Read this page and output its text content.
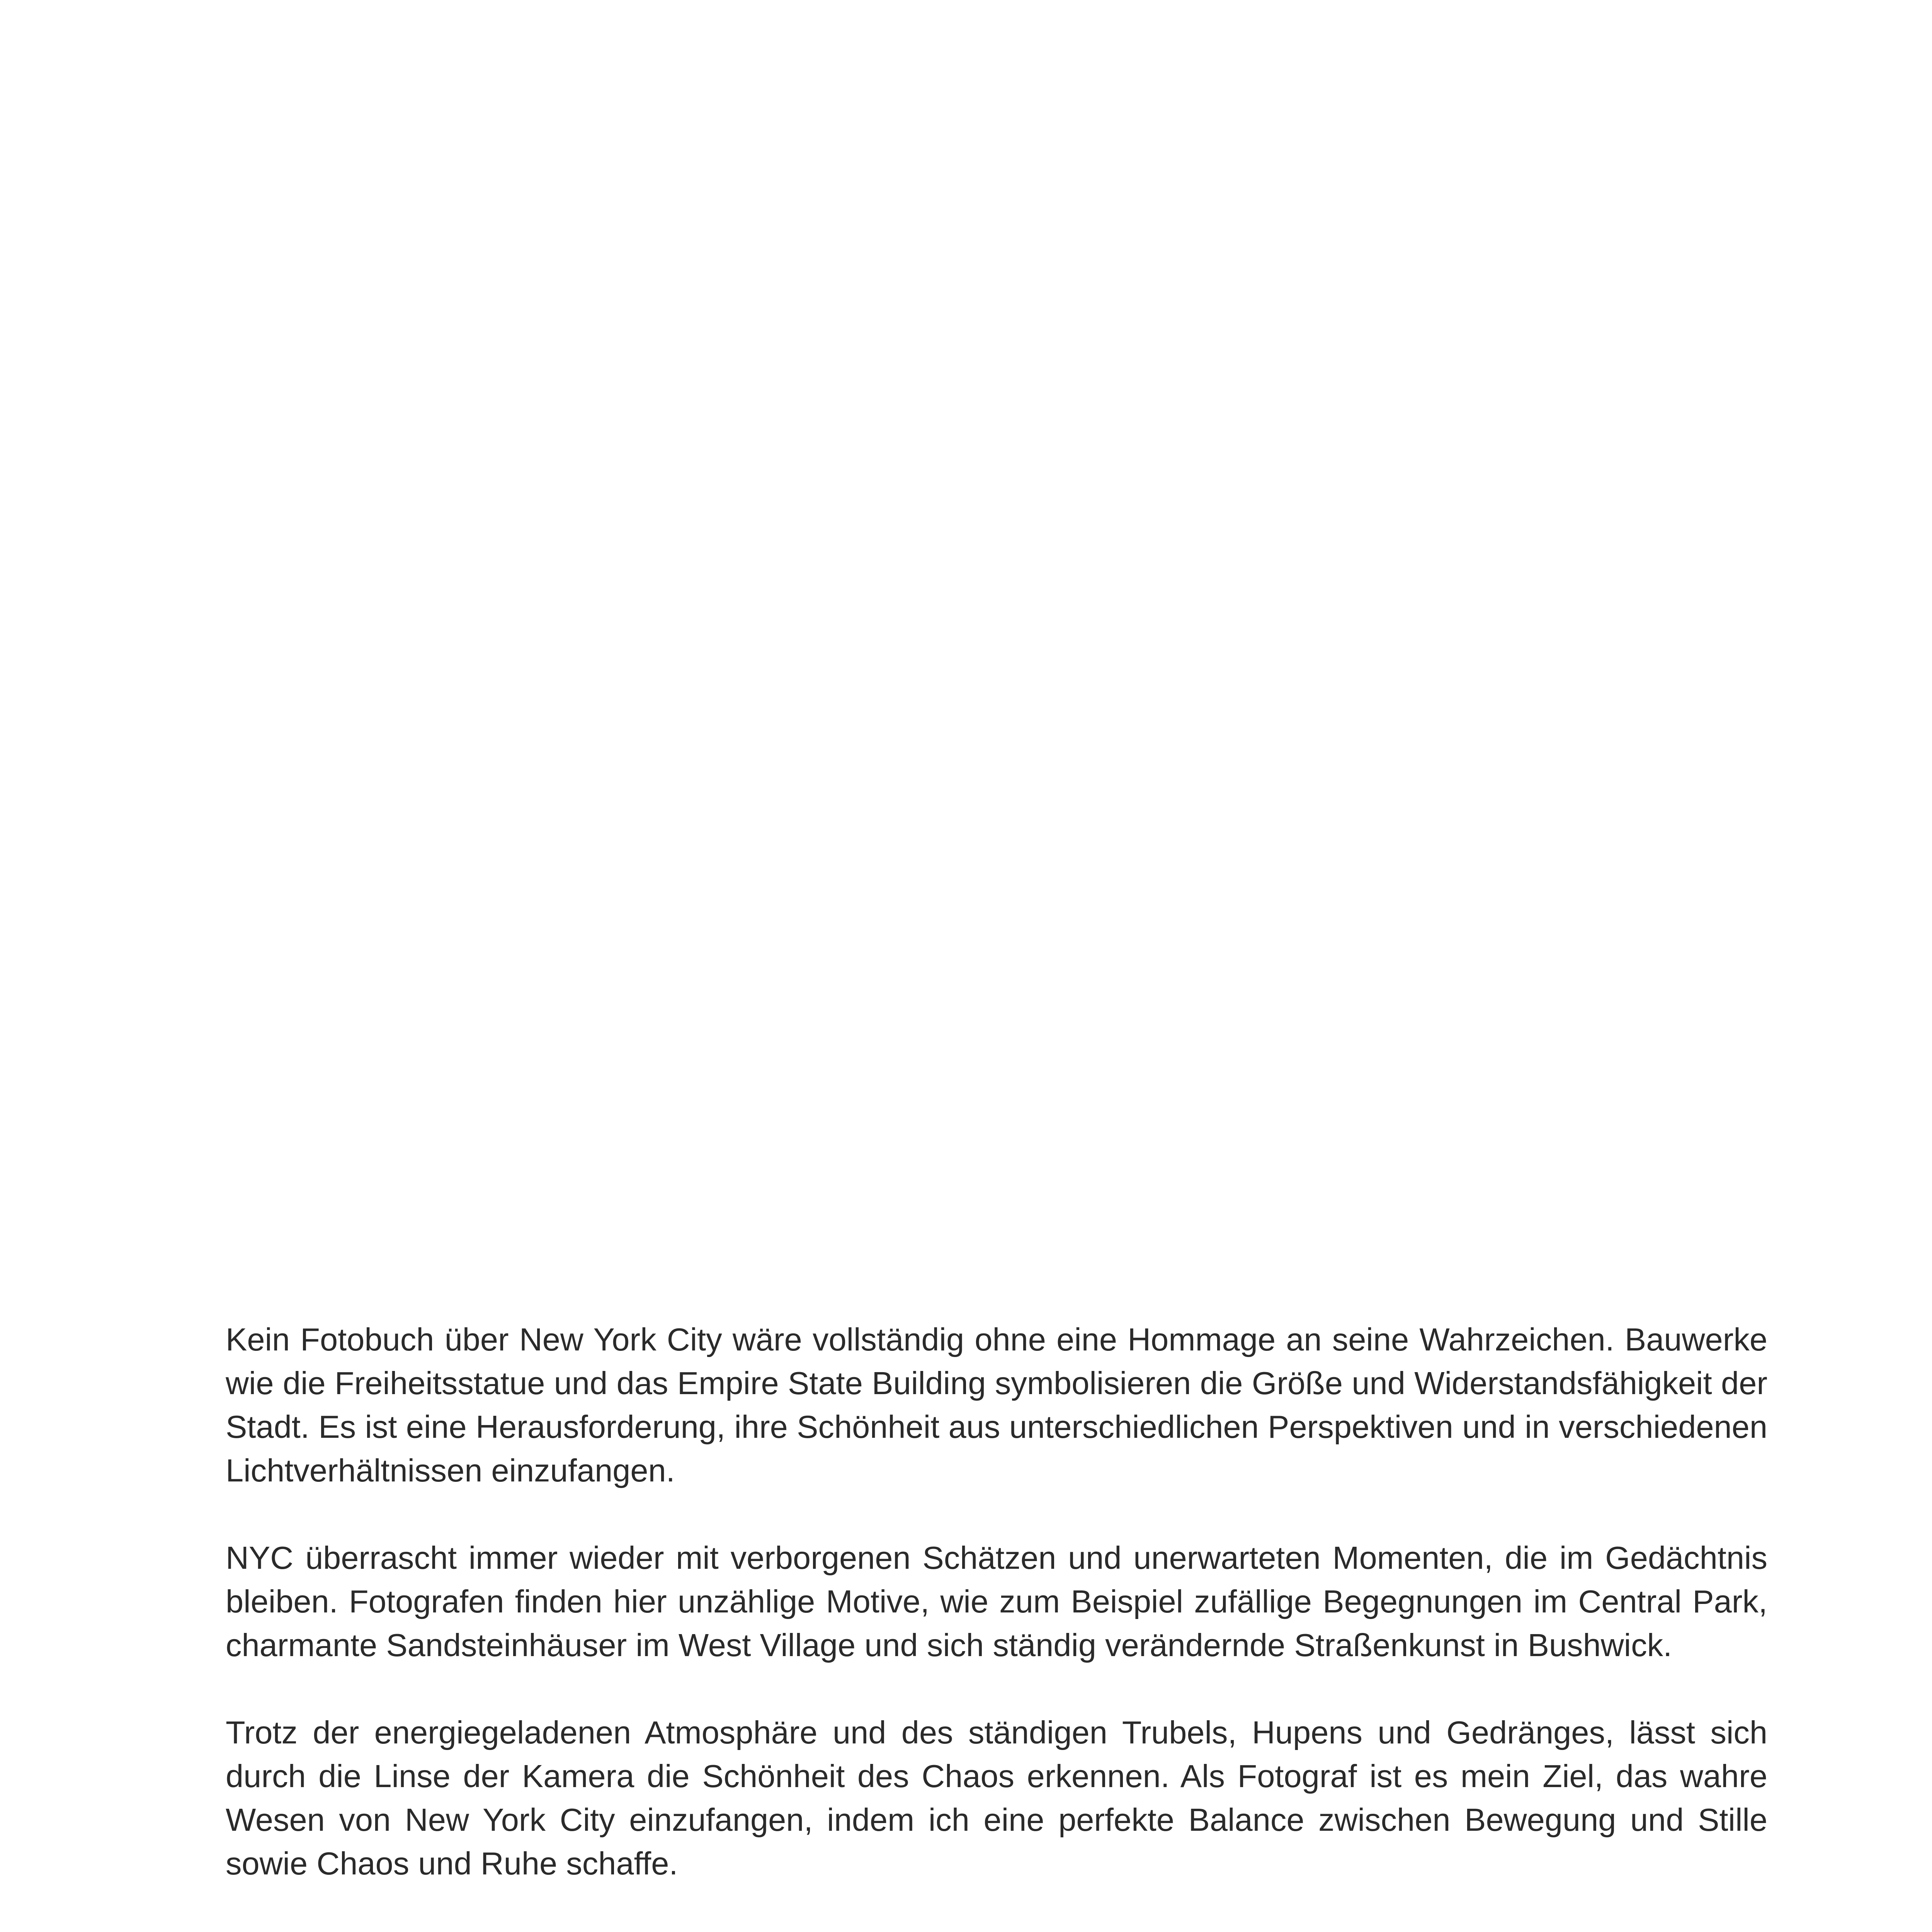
Kein Fotobuch über New York City wäre vollständig ohne eine Hommage an seine Wahrzeichen. Bauwerke wie die Freiheitsstatue und das Empire State Building symbolisieren die Größe und Widerstandsfähigkeit der Stadt. Es ist eine Herausforderung, ihre Schönheit aus unterschiedlichen Perspektiven und in verschiedenen Lichtverhältnissen einzufangen.

NYC überrascht immer wieder mit verborgenen Schätzen und unerwarteten Momenten, die im Gedächtnis bleiben. Fotografen finden hier unzählige Motive, wie zum Beispiel zufällige Begegnungen im Central Park, charmante Sandsteinhäuser im West Village und sich ständig verändernde Straßenkunst in Bushwick.

Trotz der energiegeladenen Atmosphäre und des ständigen Trubels, Hupens und Gedränges, lässt sich durch die Linse der Kamera die Schönheit des Chaos erkennen. Als Fotograf ist es mein Ziel, das wahre Wesen von New York City einzufangen, indem ich eine perfekte Balance zwischen Bewegung und Stille sowie Chaos und Ruhe schaffe.
